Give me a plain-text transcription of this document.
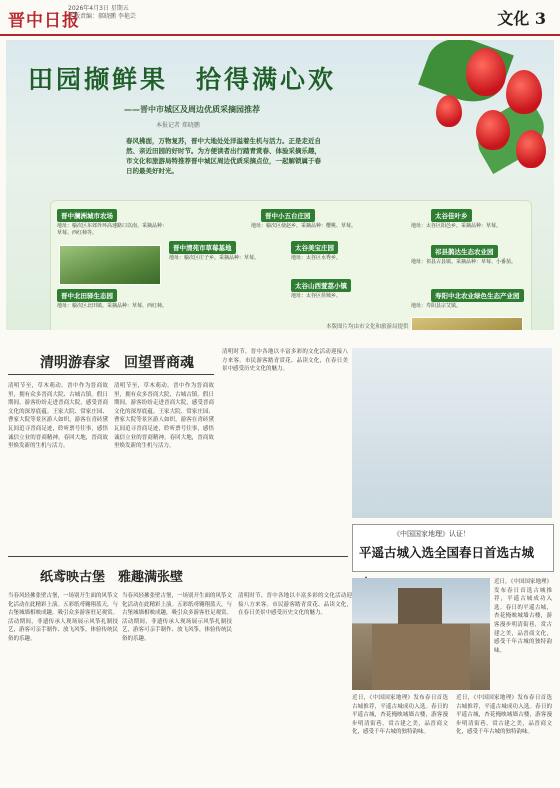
晋中日报
2026年4月3日 星期五
本版责编：郝晓鹏 李艳芸	文化 3
田园撷鲜果　拾得满心欢
——晋中市城区及周边优质采摘园推荐
本报记者 郑晓鹏
春风拂面，万物复苏，晋中大地处处洋溢着生机与活力。正是走近自然、亲近田园的好时节。为方便读者出行踏青赏春、体验采摘乐趣，市文化和旅游局特推荐晋中城区周边优质采摘点位，一起解锁属于春日的最美好时光。
晋中澜洲城市农场
地址：榆次区东郊外环高速路口以南。采摘品种：草莓、西红柿等。
晋中小五台庄园
地址：榆次区使赵乡。采摘品种：樱桃、草莓。
太谷佳叶乡
地址：太谷区阳邑乡。采摘品种：草莓。
晋中北田驿生态园
地址：榆次区北田镇。采摘品种：草莓、西红柿。
晋中清苑市草莓基地
地址：榆次区庄子乡。采摘品种：草莓。
太谷美宝庄园
地址：太谷区水秀乡。
祁县鹊达生态农业园
地址：祁县古县镇。采摘品种：草莓、小番茄。
太谷山西萱荔小镇
地址：太谷区侯城乡。	寿阳中北农业绿色生态产业园
地址：寿阳县宗艾镇。
本版图片均由市文化和旅游局提供
清明游春家　回望晋商魂
清明节至，草木萌动。晋中作为晋商故里，拥有众多晋商大院、古城古镇。假日期间，游客纷纷走进晋商大院，感受晋商文化的深厚底蕴。王家大院、常家庄园、曹家大院等景区游人如织，游客在青砖黛瓦间追寻晋商足迹，聆听票号往事，感悟诚信立业的晋商精神。春回大地，晋商故里焕发新的生机与活力。
清明节至，草木萌动。晋中作为晋商故里，拥有众多晋商大院、古城古镇。假日期间，游客纷纷走进晋商大院，感受晋商文化的深厚底蕴。王家大院、常家庄园、曹家大院等景区游人如织，游客在青砖黛瓦间追寻晋商足迹，聆听票号往事，感悟诚信立业的晋商精神。春回大地，晋商故里焕发新的生机与活力。
纸鸢映古堡　雅趣满张壁
当春风轻拂张壁古堡，一场别开生面的风筝文化活动在此精彩上演。五彩纸鸢翱翔蓝天，与古堡城墙相映成趣，吸引众多游客驻足观赏。活动期间，非遗传承人现场展示风筝扎制技艺，游客可亲手制作、放飞风筝，体验传统民俗的乐趣。
当春风轻拂张壁古堡，一场别开生面的风筝文化活动在此精彩上演。五彩纸鸢翱翔蓝天，与古堡城墙相映成趣，吸引众多游客驻足观赏。活动期间，非遗传承人现场展示风筝扎制技艺，游客可亲手制作、放飞风筝，体验传统民俗的乐趣。
清明时节，晋中各地以丰富多彩的文化活动迎接八方来客。市民游客踏青赏花、品读文化，在春日美景中感受历史文化的魅力。
清明时节，晋中各地以丰富多彩的文化活动迎接八方来客。市民游客踏青赏花、品读文化，在春日美景中感受历史文化的魅力。
《中国国家地理》认证！
平遥古城入选全国春日首选古城
近日，《中国国家地理》发布春日首选古城推荐，平遥古城成功入选。春日的平遥古城，杏花掩映城墙古楼，游客漫步明清街巷，赏古建之美，品晋商文化，感受千年古城的独特韵味。
近日，《中国国家地理》发布春日首选古城推荐，平遥古城成功入选。春日的平遥古城，杏花掩映城墙古楼，游客漫步明清街巷，赏古建之美，品晋商文化，感受千年古城的独特韵味。
近日，《中国国家地理》发布春日首选古城推荐，平遥古城成功入选。春日的平遥古城，杏花掩映城墙古楼，游客漫步明清街巷，赏古建之美，品晋商文化，感受千年古城的独特韵味。
